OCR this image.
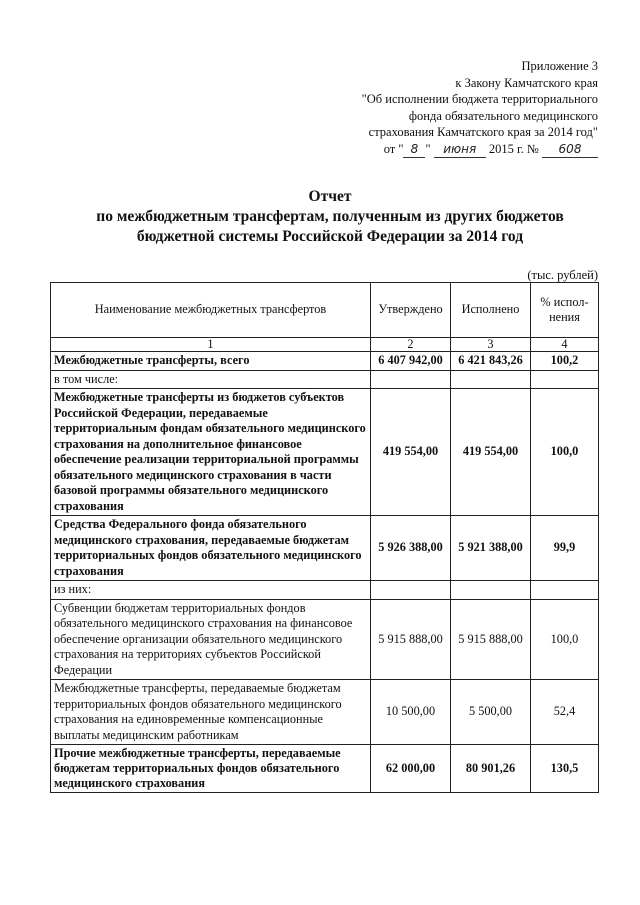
Приложение 3
к Закону Камчатского края
"Об исполнении бюджета территориального
фонда обязательного медицинского
страхования Камчатского края за 2014 год"
от " 8 " июня 2015 г. № 608
Отчет
по межбюджетным трансфертам, полученным из других бюджетов
бюджетной системы Российской Федерации за 2014 год
(тыс. рублей)
Наименование межбюджетных трансфертов	Утверждено	Исполнено	% испол-нения
1	2	3	4
Межбюджетные трансферты, всего	6 407 942,00	6 421 843,26	100,2
в том числе:			
Межбюджетные трансферты из бюджетов субъектов Российской Федерации, передаваемые территориальным фондам обязательного медицинского страхования на дополнительное финансовое обеспечение реализации территориальной программы обязательного медицинского страхования в части базовой программы обязательного медицинского страхования	419 554,00	419 554,00	100,0
Средства Федерального фонда обязательного медицинского страхования, передаваемые бюджетам территориальных фондов обязательного медицинского страхования	5 926 388,00	5 921 388,00	99,9
из них:			
Субвенции бюджетам территориальных фондов обязательного медицинского страхования на финансовое обеспечение организации обязательного медицинского страхования на территориях субъектов Российской Федерации	5 915 888,00	5 915 888,00	100,0
Межбюджетные трансферты, передаваемые бюджетам территориальных фондов обязательного медицинского страхования на единовременные компенсационные выплаты медицинским работникам	10 500,00	5 500,00	52,4
Прочие межбюджетные трансферты, передаваемые бюджетам территориальных фондов обязательного медицинского страхования	62 000,00	80 901,26	130,5
